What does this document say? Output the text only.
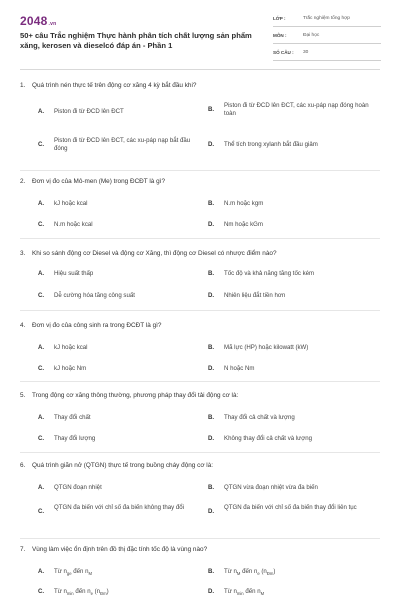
2048.vn
50+ câu Trắc nghiệm Thực hành phân tích chất lượng sản phẩm xăng, kerosen và dieselcó đáp án - Phần 1
LỚP :	Trắc nghiệm tổng hợp
MÔN :	Đại học
SỐ CÂU : 30
1. Quá trình nén thực tế trên động cơ xăng 4 kỳ bắt đầu khi?
A. Piston đi từ ĐCD lên ĐCT	B.
Piston đi từ ĐCD lên ĐCT, các xu-páp nạp đóng hoàn toàn
C.
Piston đi từ ĐCD lên ĐCT, các xu-páp nạp bắt đầu đóng
D. Thể tích trong xylanh bắt đầu giảm
2. Đơn vị đo của Mô-men (Me) trong ĐCĐT là gì?
A. kJ hoặc kcal	B. N.m hoặc kgm
C. N.m hoặc kcal	D. Nm hoặc kGm
3. Khi so sánh động cơ Diesel và động cơ Xăng, thì động cơ Diesel có nhược điểm nào?
A. Hiệu suất thấp	B. Tốc độ và khả năng tăng tốc kém
C. Dễ cường hóa tăng công suất	D. Nhiên liệu đắt tiền hơn
4. Đơn vị đo của công sinh ra trong ĐCĐT là gì?
A. kJ hoặc kcal	B. Mã lực (HP) hoặc kilowatt (kW)
C. kJ hoặc Nm	D. N hoặc Nm
5. Trong động cơ xăng thông thường, phương pháp thay đổi tải động cơ là:
A. Thay đổi chất	B. Thay đổi cả chất và lượng
C. Thay đổi lượng	D. Không thay đổi cả chất và lượng
6. Quá trình giãn nở (QTGN) thực tế trong buồng cháy động cơ là:
A. QTGN đoạn nhiệt	B. QTGN vừa đoạn nhiệt vừa đa biến
C.
QTGN đa biến với chỉ số đa biến không thay đổi
D.
QTGN đa biến với chỉ số đa biến thay đổi liên tục
7. Vùng làm việc ổn định trên đồ thị đặc tính tốc độ là vùng nào?
A. Từ $n_{ge}$ đến $n_M$	B. Từ $n_M$ đến $n_e$ $(n_{Đm})$
C. Từ $n_{min}$ đến $n_e$ $(n_{Đm})$	D. Từ $n_{min}$ đến $n_M$
